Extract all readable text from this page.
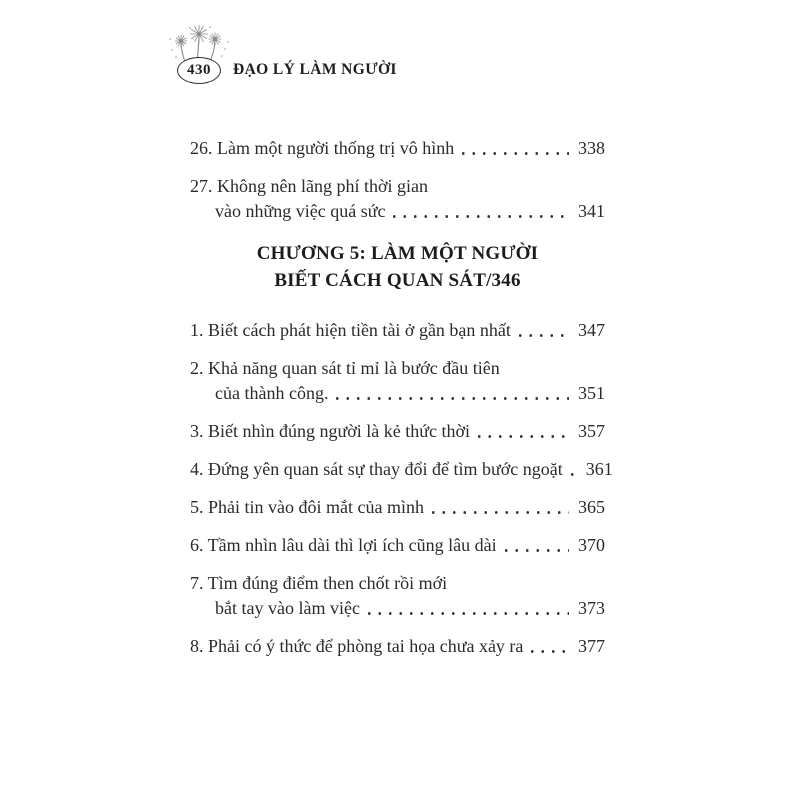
430 ĐẠO LÝ LÀM NGƯỜI
26. Làm một người thống trị vô hình	338
27. Không nên lãng phí thời gian
vào những việc quá sức	341
CHƯƠNG 5: LÀM MỘT NGƯỜI
BIẾT CÁCH QUAN SÁT/346
1. Biết cách phát hiện tiền tài ở gần bạn nhất	347
2. Khả năng quan sát tỉ mỉ là bước đầu tiên
của thành công.	351
3. Biết nhìn đúng người là kẻ thức thời	357
4. Đứng yên quan sát sự thay đổi để tìm bước ngoặt 361
5. Phải tin vào đôi mắt của mình	365
6. Tầm nhìn lâu dài thì lợi ích cũng lâu dài	370
7. Tìm đúng điểm then chốt rồi mới
bắt tay vào làm việc	373
8. Phải có ý thức để phòng tai họa chưa xảy ra	377
